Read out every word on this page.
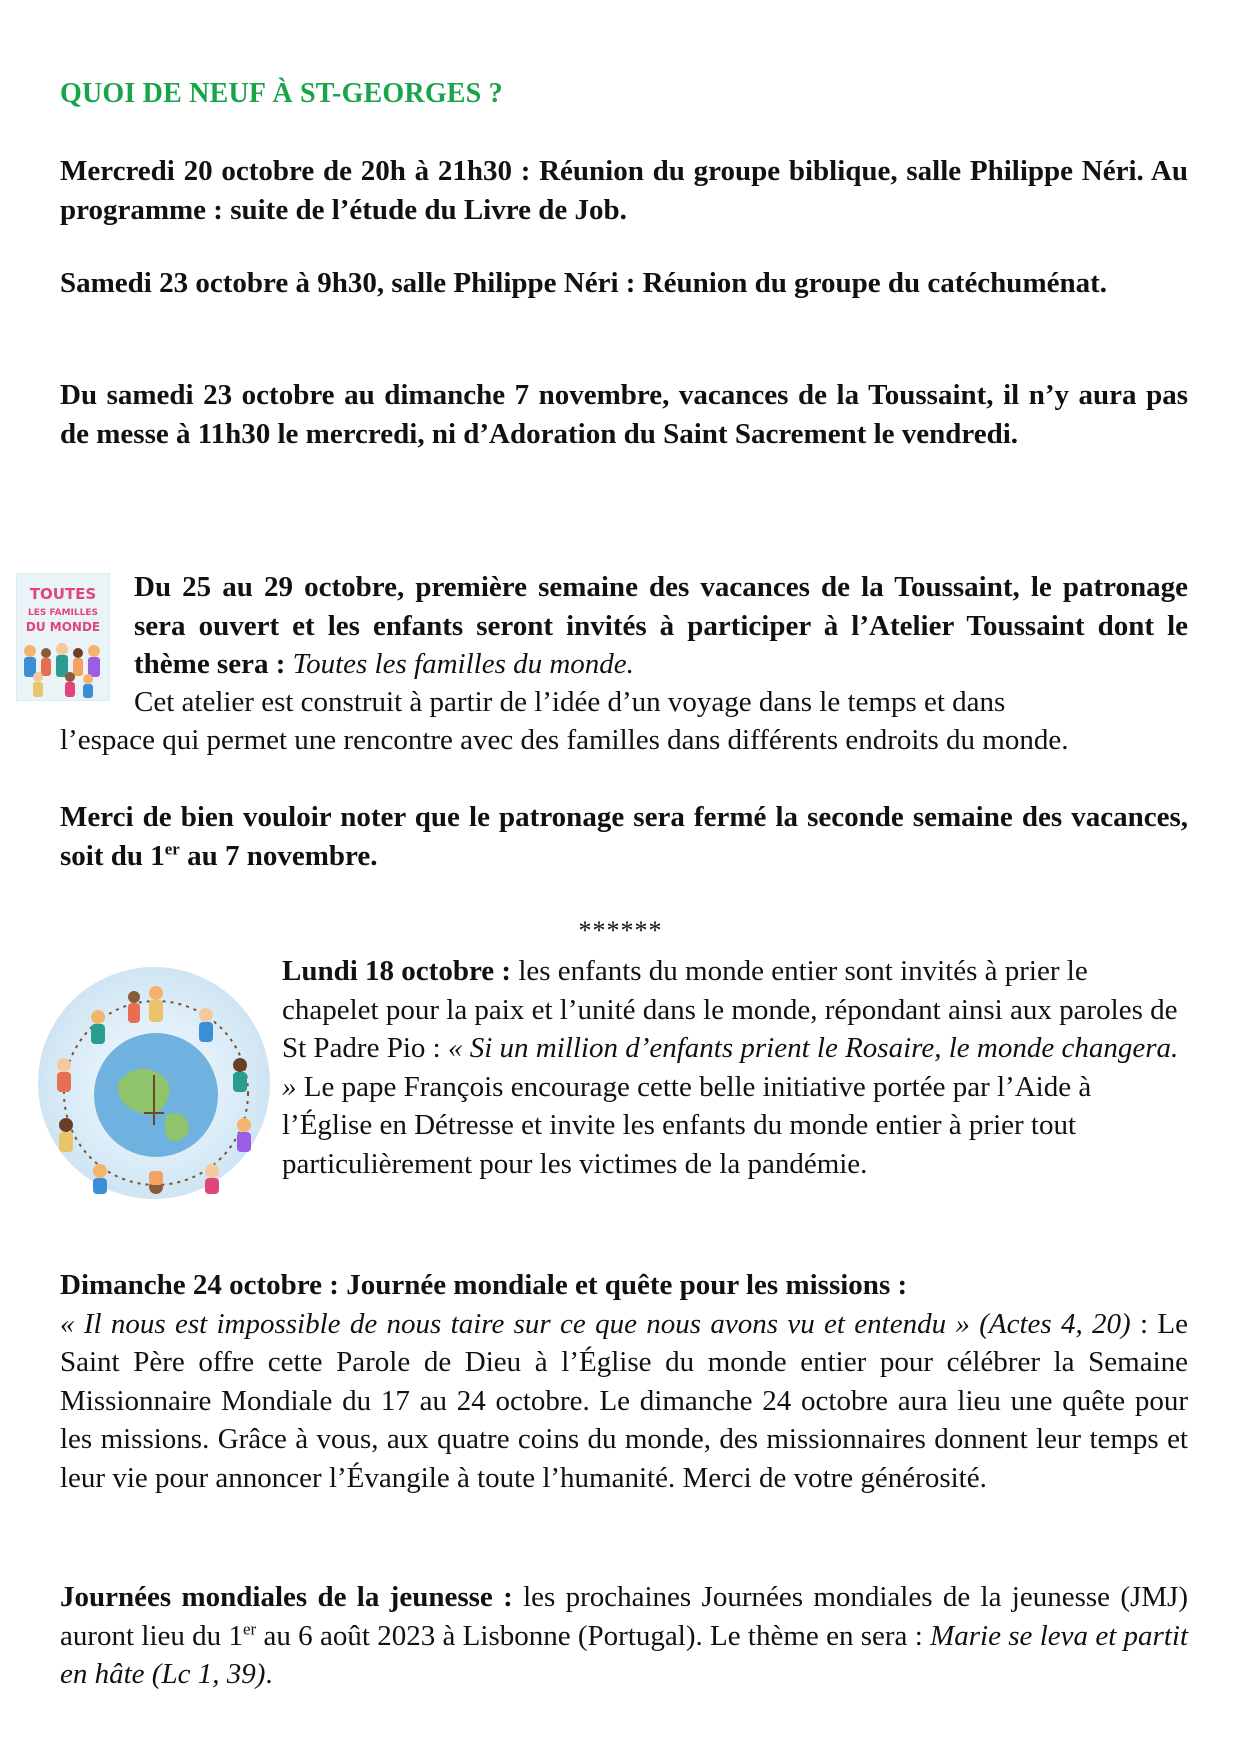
QUOI DE NEUF À ST-GEORGES ?
Mercredi 20 octobre de 20h à 21h30 : Réunion du groupe biblique, salle Philippe Néri. Au programme : suite de l’étude du Livre de Job.
Samedi 23 octobre à 9h30, salle Philippe Néri : Réunion du groupe du catéchuménat.
Du samedi 23 octobre au dimanche 7 novembre, vacances de la Toussaint, il n’y aura pas de messe à 11h30 le mercredi, ni d’Adoration du Saint Sacrement le vendredi.
TOUTES
LES FAMILLES
DU MONDE
Du 25 au 29 octobre, première semaine des vacances de la Toussaint, le patronage sera ouvert et les enfants seront invités à participer à l’Atelier Toussaint dont le thème sera : Toutes les familles du monde.
Cet atelier est construit à partir de l’idée d’un voyage dans le temps et dans
l’espace qui permet une rencontre avec des familles dans différents endroits du monde.
Merci de bien vouloir noter que le patronage sera fermé la seconde semaine des vacances, soit du 1er au 7 novembre.
******
Lundi 18 octobre : les enfants du monde entier sont invités à prier le chapelet pour la paix et l’unité dans le monde, répondant ainsi aux paroles de St Padre Pio : « Si un million d’enfants prient le Rosaire, le monde changera. » Le pape François encourage cette belle initiative portée par l’Aide à l’Église en Détresse et invite les enfants du monde entier à prier tout particulièrement pour les victimes de la pandémie.
Dimanche 24 octobre : Journée mondiale et quête pour les missions :
« Il nous est impossible de nous taire sur ce que nous avons vu et entendu » (Actes 4, 20) : Le Saint Père offre cette Parole de Dieu à l’Église du monde entier pour célébrer la Semaine Missionnaire Mondiale du 17 au 24 octobre. Le dimanche 24 octobre aura lieu une quête pour les missions. Grâce à vous, aux quatre coins du monde, des missionnaires donnent leur temps et leur vie pour annoncer l’Évangile à toute l’humanité. Merci de votre générosité.
Journées mondiales de la jeunesse : les prochaines Journées mondiales de la jeunesse (JMJ) auront lieu du 1er au 6 août 2023 à Lisbonne (Portugal). Le thème en sera : Marie se leva et partit en hâte (Lc 1, 39).
